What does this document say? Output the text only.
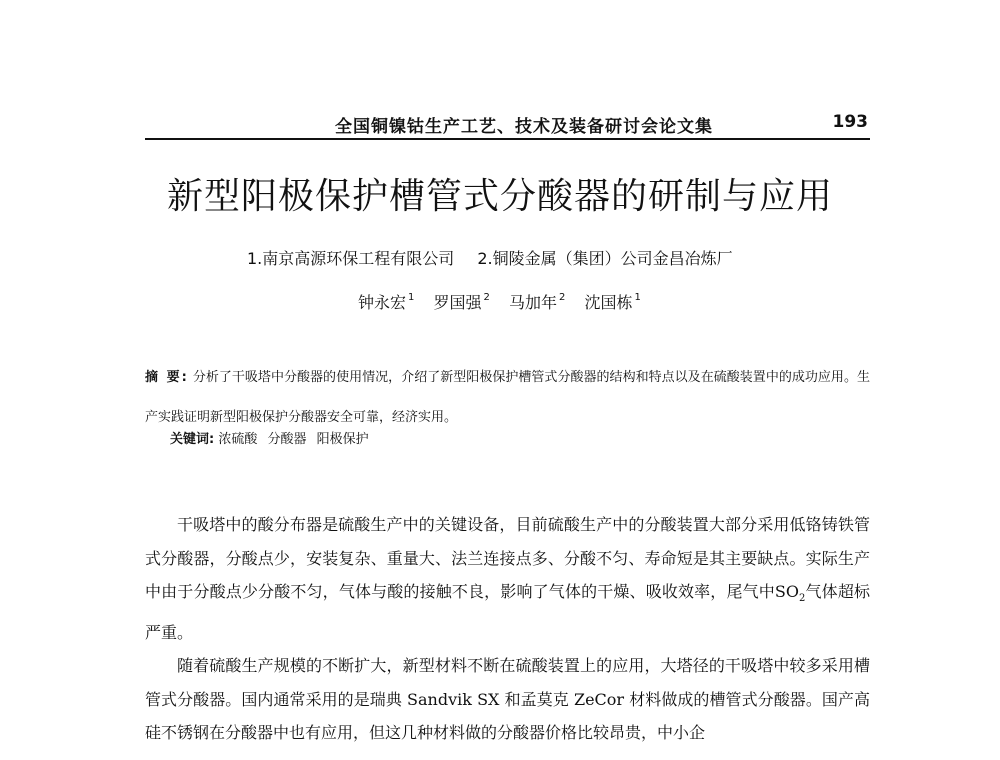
全国铜镍钴生产工艺、技术及装备研讨会论文集	193
新型阳极保护槽管式分酸器的研制与应用
1.南京高源环保工程有限公司 2.铜陵金属（集团）公司金昌冶炼厂
钟永宏 $^1$ 罗国强 $^2$ 马加年 $^2$ 沈国栋 $^1$
摘 要: 分析了干吸塔中分酸器的使用情况，介绍了新型阳极保护槽管式分酸器的结构和特点以及在硫酸装置中的成功应用。生产实践证明新型阳极保护分酸器安全可靠，经济实用。
关键词: 浓硫酸 分酸器 阳极保护

干吸塔中的酸分布器是硫酸生产中的关键设备，目前硫酸生产中的分酸装置大部分采用低铬铸铁管式分酸器，分酸点少，安装复杂、重量大、法兰连接点多、分酸不匀、寿命短是其主要缺点。实际生产中由于分酸点少分酸不匀，气体与酸的接触不良，影响了气体的干燥、吸收效率，尾气中$SO_2$气体超标严重。

随着硫酸生产规模的不断扩大，新型材料不断在硫酸装置上的应用，大塔径的干吸塔中较多采用槽管式分酸器。国内通常采用的是瑞典 Sandvik SX 和孟莫克 ZeCor 材料做成的槽管式分酸器。国产高硅不锈钢在分酸器中也有应用，但这几种材料做的分酸器价格比较昂贵，中小企
